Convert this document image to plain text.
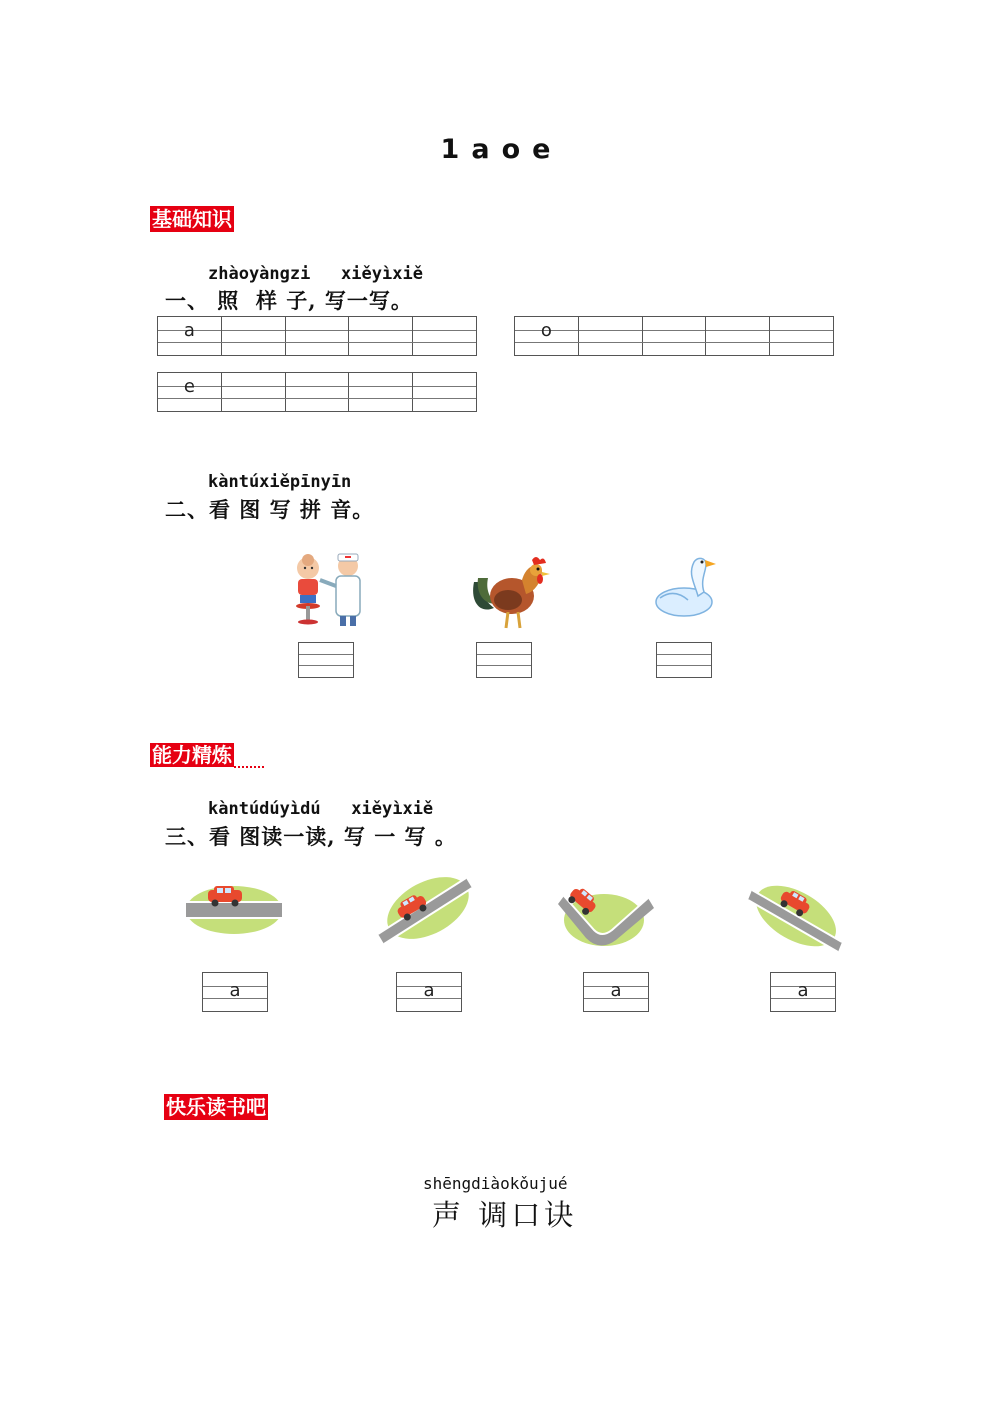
1 a o e
基础知识
zhàoyàngzi   xiěyìxiě
一、 照  样 子, 写一写。
a	o
e
kàntúxiěpīnyīn
二、看 图 写 拼 音。
能力精炼
kàntúdúyìdú   xiěyìxiě
三、看 图读一读, 写 一 写 。
a	a	a	a
快乐读书吧
shēngdiàokǒujué
声 调口诀
